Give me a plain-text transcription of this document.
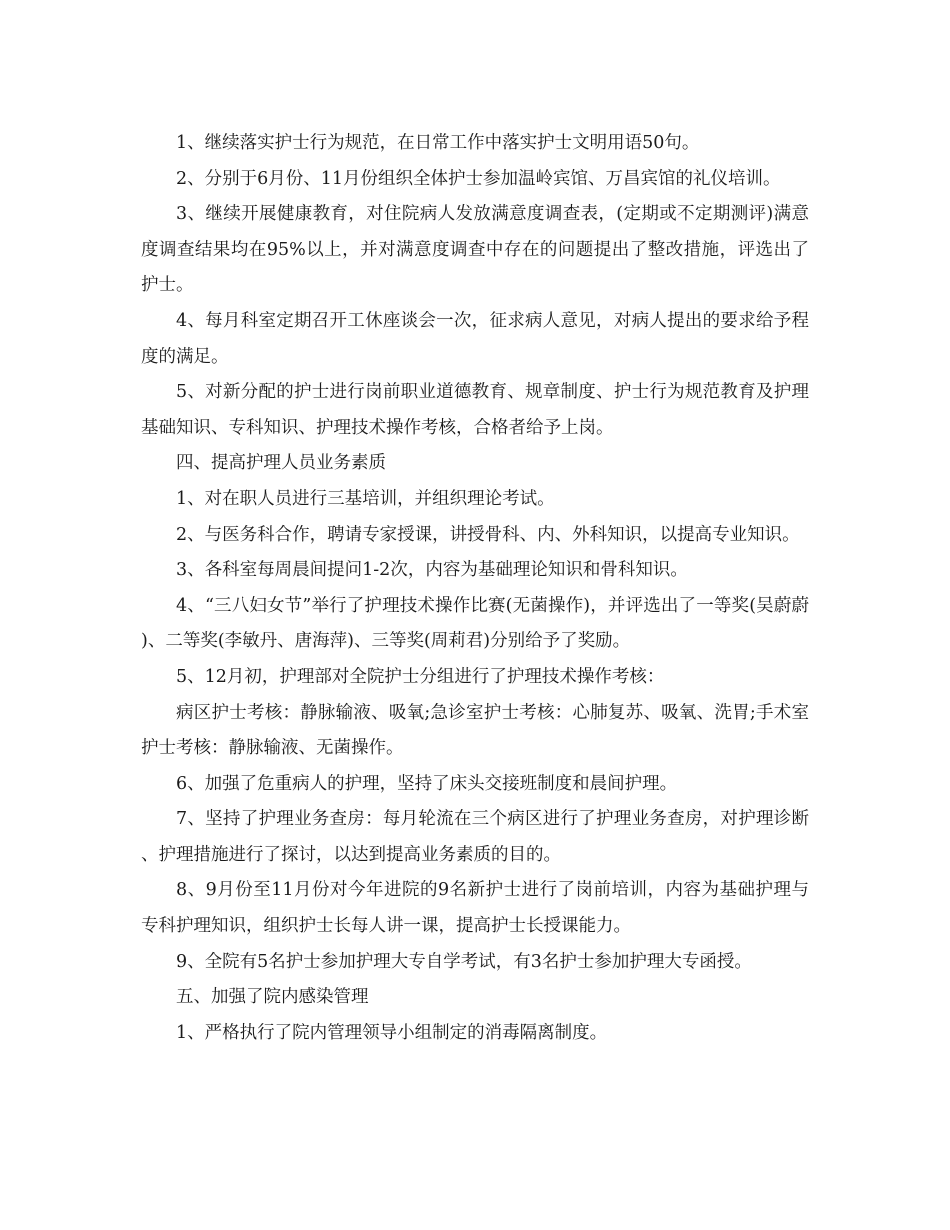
1、继续落实护士行为规范，在日常工作中落实护士文明用语50句。

2、分别于6月份、11月份组织全体护士参加温岭宾馆、万昌宾馆的礼仪培训。

3、继续开展健康教育，对住院病人发放满意度调查表，(定期或不定期测评)满意度调查结果均在95%以上，并对满意度调查中存在的问题提出了整改措施，评选出了护士。

4、每月科室定期召开工休座谈会一次，征求病人意见，对病人提出的要求给予程度的满足。

5、对新分配的护士进行岗前职业道德教育、规章制度、护士行为规范教育及护理基础知识、专科知识、护理技术操作考核，合格者给予上岗。

四、提高护理人员业务素质

1、对在职人员进行三基培训，并组织理论考试。

2、与医务科合作，聘请专家授课，讲授骨科、内、外科知识，以提高专业知识。

3、各科室每周晨间提问1-2次，内容为基础理论知识和骨科知识。

4、“三八妇女节”举行了护理技术操作比赛(无菌操作)，并评选出了一等奖(吴蔚蔚)、二等奖(李敏丹、唐海萍)、三等奖(周莉君)分别给予了奖励。

5、12月初，护理部对全院护士分组进行了护理技术操作考核：

病区护士考核：静脉输液、吸氧;急诊室护士考核：心肺复苏、吸氧、洗胃;手术室护士考核：静脉输液、无菌操作。

6、加强了危重病人的护理，坚持了床头交接班制度和晨间护理。

7、坚持了护理业务查房：每月轮流在三个病区进行了护理业务查房，对护理诊断、护理措施进行了探讨，以达到提高业务素质的目的。

8、9月份至11月份对今年进院的9名新护士进行了岗前培训，内容为基础护理与专科护理知识，组织护士长每人讲一课，提高护士长授课能力。

9、全院有5名护士参加护理大专自学考试，有3名护士参加护理大专函授。

五、加强了院内感染管理

1、严格执行了院内管理领导小组制定的消毒隔离制度。
